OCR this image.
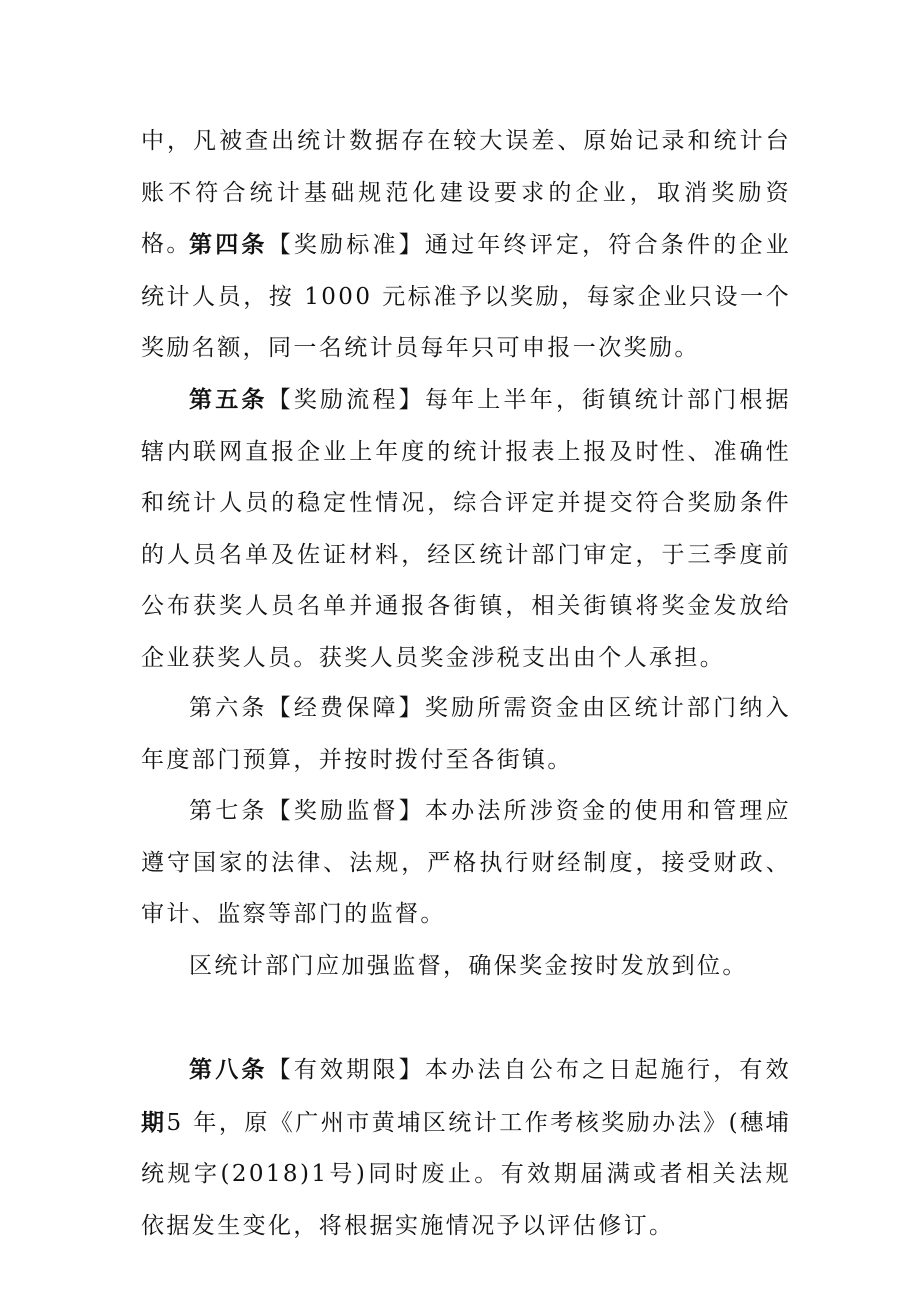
中，凡被查出统计数据存在较大误差、原始记录和统计台账不符合统计基础规范化建设要求的企业，取消奖励资格。

第四条【奖励标准】通过年终评定，符合条件的企业统计人员，按 1000 元标准予以奖励，每家企业只设一个奖励名额，同一名统计员每年只可申报一次奖励。

第五条【奖励流程】每年上半年，街镇统计部门根据辖内联网直报企业上年度的统计报表上报及时性、准确性和统计人员的稳定性情况，综合评定并提交符合奖励条件的人员名单及佐证材料，经区统计部门审定，于三季度前公布获奖人员名单并通报各街镇，相关街镇将奖金发放给企业获奖人员。获奖人员奖金涉税支出由个人承担。

第六条【经费保障】奖励所需资金由区统计部门纳入年度部门预算，并按时拨付至各街镇。

第七条【奖励监督】本办法所涉资金的使用和管理应遵守国家的法律、法规，严格执行财经制度，接受财政、审计、监察等部门的监督。

区统计部门应加强监督，确保奖金按时发放到位。

第八条【有效期限】本办法自公布之日起施行，有效期5 年，原《广州市黄埔区统计工作考核奖励办法》(穗埔统规字(2018)1号)同时废止。有效期届满或者相关法规依据发生变化，将根据实施情况予以评估修订。
